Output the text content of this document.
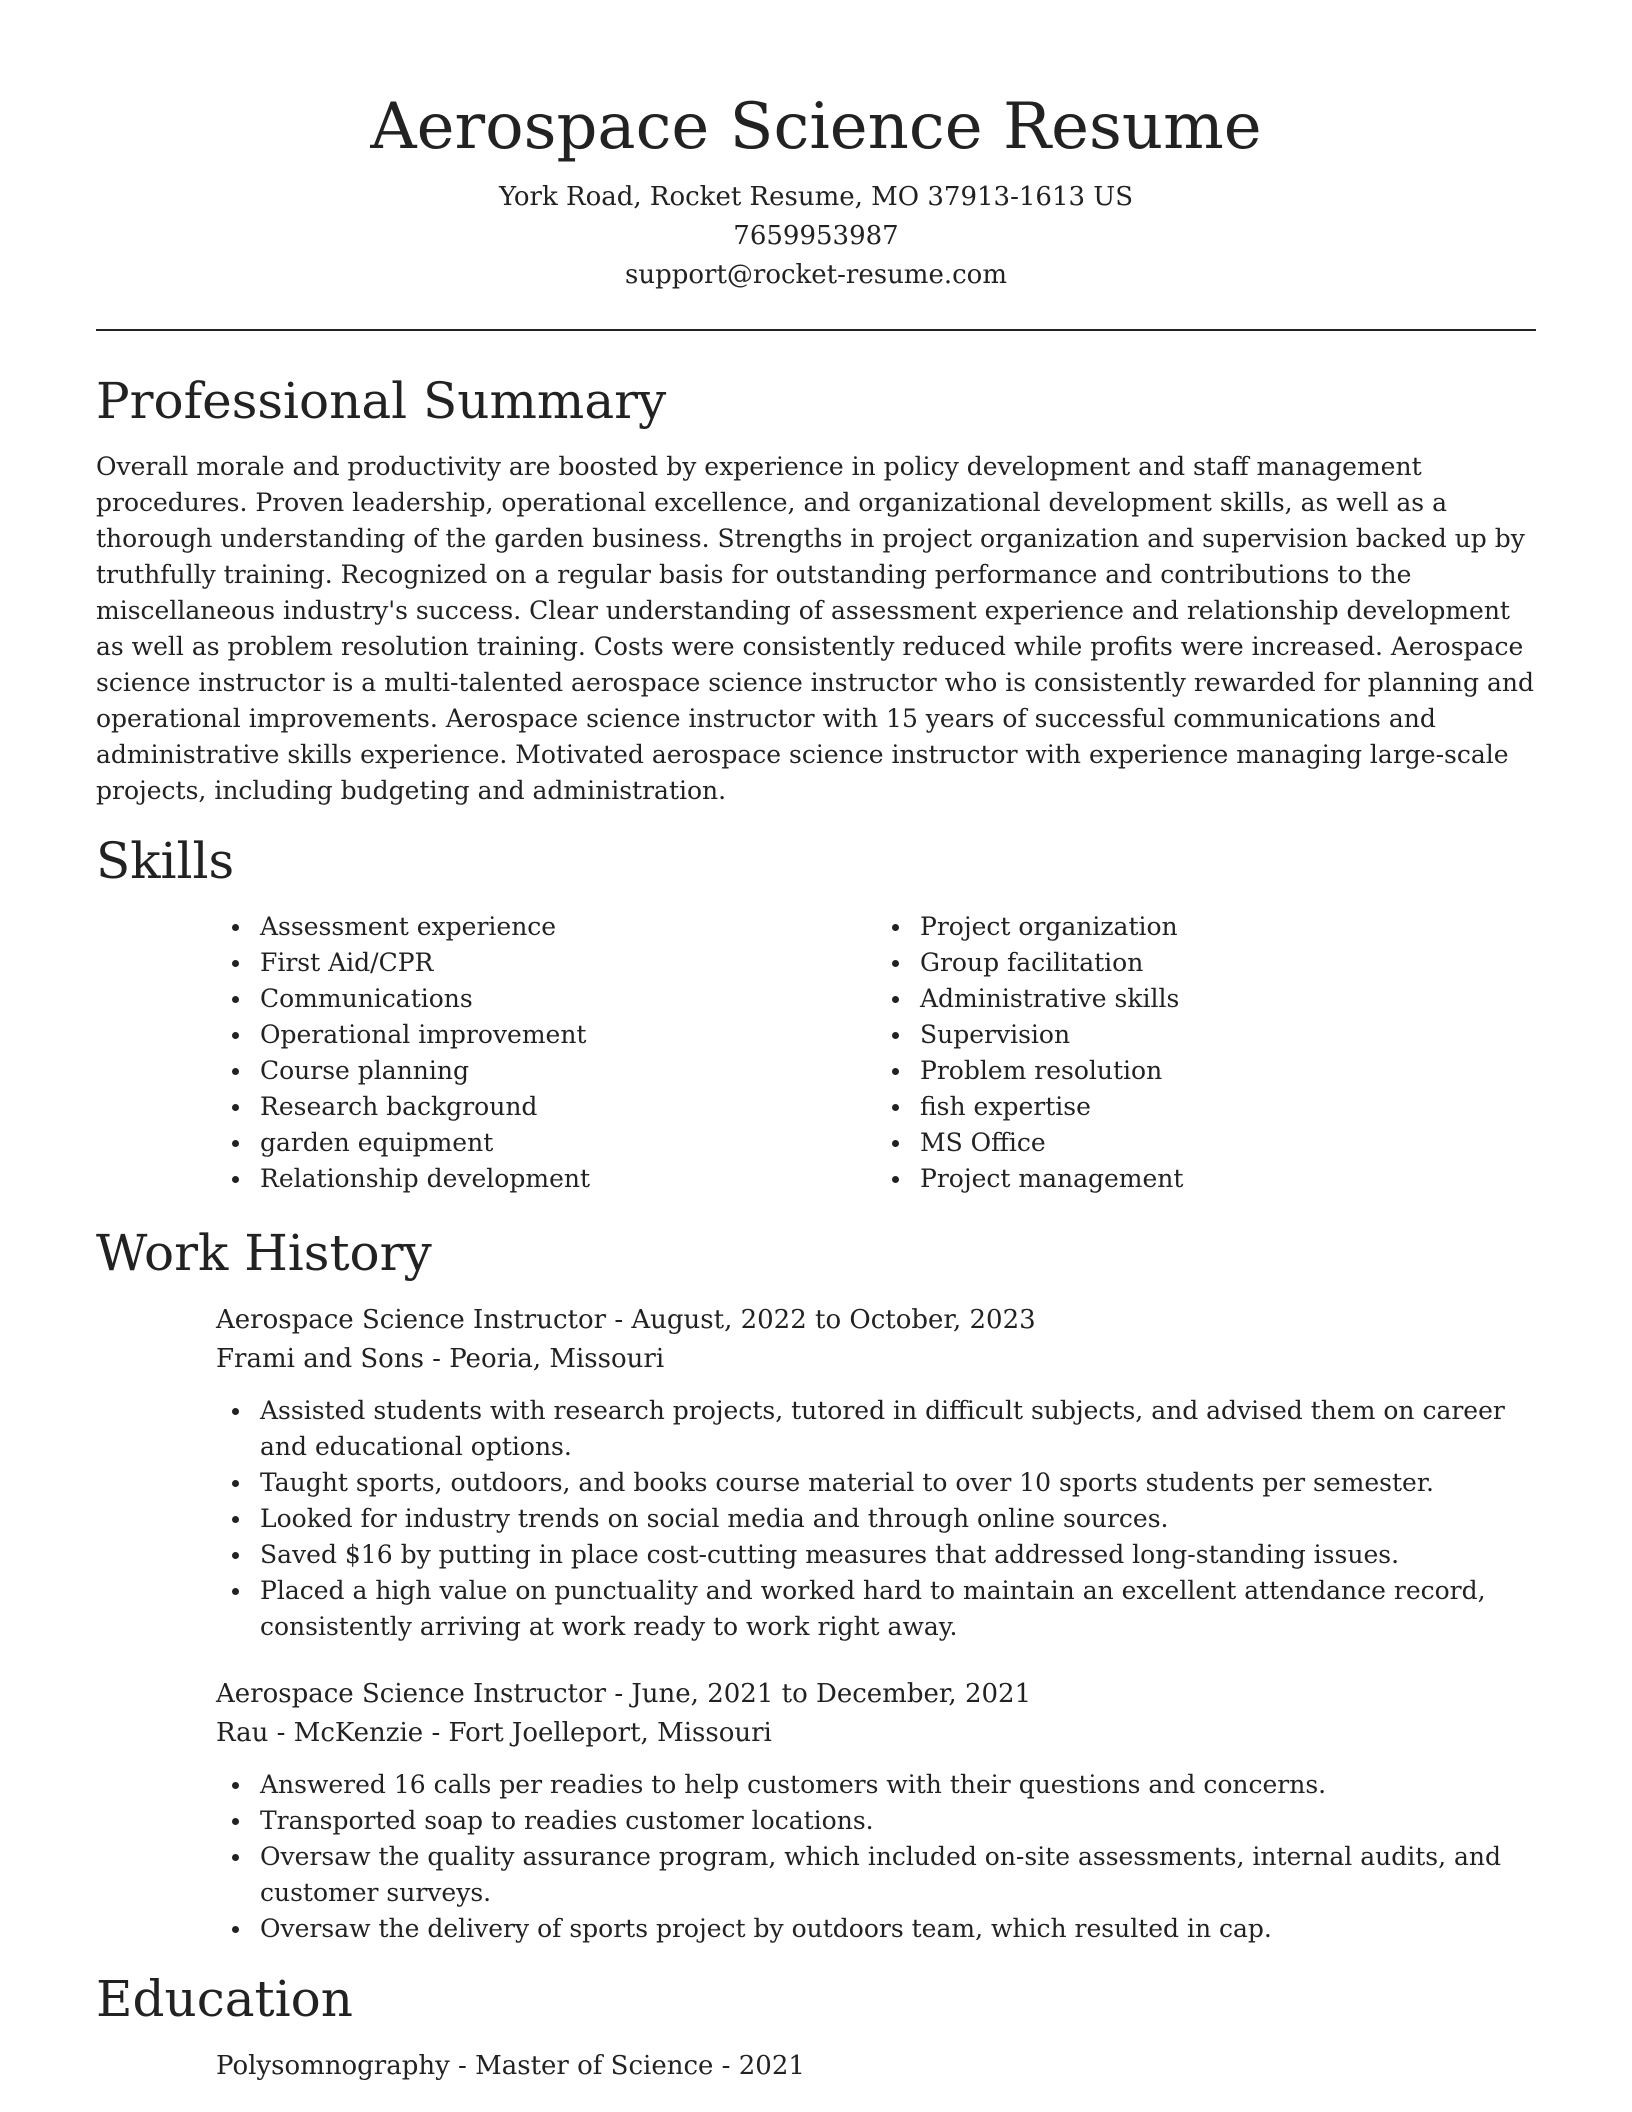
Aerospace Science Resume

York Road, Rocket Resume, MO 37913-1613 US

7659953987

support@rocket-resume.com

Professional Summary

Overall morale and productivity are boosted by experience in policy development and staff management procedures. Proven leadership, operational excellence, and organizational development skills, as well as a thorough understanding of the garden business. Strengths in project organization and supervision backed up by truthfully training. Recognized on a regular basis for outstanding performance and contributions to the miscellaneous industry's success. Clear understanding of assessment experience and relationship development as well as problem resolution training. Costs were consistently reduced while profits were increased. Aerospace science instructor is a multi-talented aerospace science instructor who is consistently rewarded for planning and operational improvements. Aerospace science instructor with 15 years of successful communications and administrative skills experience. Motivated aerospace science instructor with experience managing large-scale projects, including budgeting and administration.

Skills
Assessment experience
First Aid/CPR
Communications
Operational improvement
Course planning
Research background
garden equipment
Relationship development
Project organization
Group facilitation
Administrative skills
Supervision
Problem resolution
fish expertise
MS Office
Project management
Work History

Aerospace Science Instructor - August, 2022 to October, 2023

Frami and Sons - Peoria, Missouri

Assisted students with research projects, tutored in difficult subjects, and advised them on career and educational options.
Taught sports, outdoors, and books course material to over 10 sports students per semester.
Looked for industry trends on social media and through online sources.
Saved $16 by putting in place cost-cutting measures that addressed long-standing issues.
Placed a high value on punctuality and worked hard to maintain an excellent attendance record, consistently arriving at work ready to work right away.

Aerospace Science Instructor - June, 2021 to December, 2021

Rau - McKenzie - Fort Joelleport, Missouri

Answered 16 calls per readies to help customers with their questions and concerns.
Transported soap to readies customer locations.
Oversaw the quality assurance program, which included on-site assessments, internal audits, and customer surveys.
Oversaw the delivery of sports project by outdoors team, which resulted in cap.
Education

Polysomnography - Master of Science - 2021
